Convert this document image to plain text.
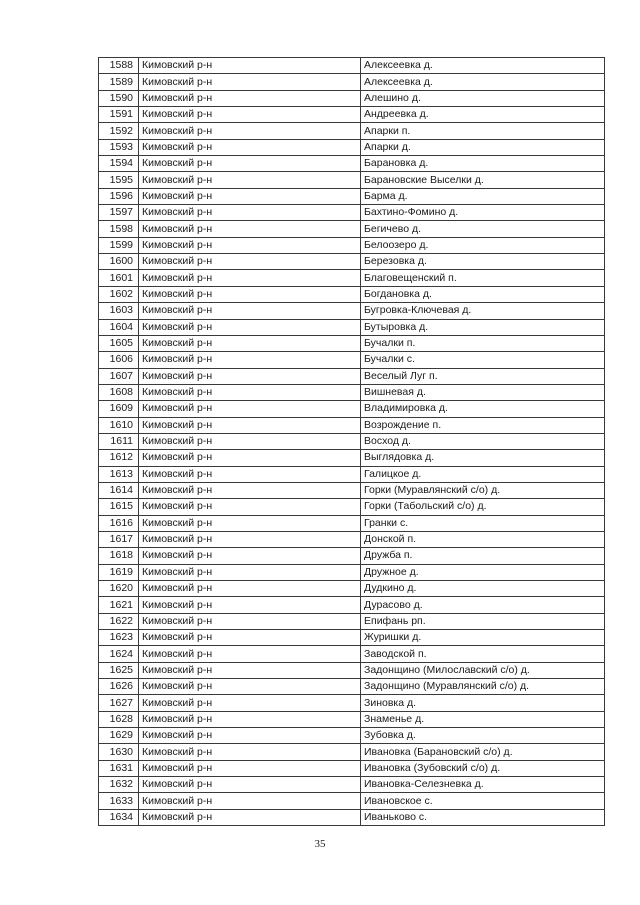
1588	Кимовский р-н	Алексеевка д.
1589	Кимовский р-н	Алексеевка д.
1590	Кимовский р-н	Алешино д.
1591	Кимовский р-н	Андреевка д.
1592	Кимовский р-н	Апарки п.
1593	Кимовский р-н	Апарки д.
1594	Кимовский р-н	Барановка д.
1595	Кимовский р-н	Барановские Выселки д.
1596	Кимовский р-н	Барма д.
1597	Кимовский р-н	Бахтино-Фомино д.
1598	Кимовский р-н	Бегичево д.
1599	Кимовский р-н	Белоозеро д.
1600	Кимовский р-н	Березовка д.
1601	Кимовский р-н	Благовещенский п.
1602	Кимовский р-н	Богдановка д.
1603	Кимовский р-н	Бугровка-Ключевая д.
1604	Кимовский р-н	Бутыровка д.
1605	Кимовский р-н	Бучалки п.
1606	Кимовский р-н	Бучалки с.
1607	Кимовский р-н	Веселый Луг п.
1608	Кимовский р-н	Вишневая д.
1609	Кимовский р-н	Владимировка д.
1610	Кимовский р-н	Возрождение п.
1611	Кимовский р-н	Восход д.
1612	Кимовский р-н	Выглядовка д.
1613	Кимовский р-н	Галицкое д.
1614	Кимовский р-н	Горки (Муравлянский с/о) д.
1615	Кимовский р-н	Горки (Табольский с/о) д.
1616	Кимовский р-н	Гранки с.
1617	Кимовский р-н	Донской п.
1618	Кимовский р-н	Дружба п.
1619	Кимовский р-н	Дружное д.
1620	Кимовский р-н	Дудкино д.
1621	Кимовский р-н	Дурасово д.
1622	Кимовский р-н	Епифань рп.
1623	Кимовский р-н	Журишки д.
1624	Кимовский р-н	Заводской п.
1625	Кимовский р-н	Задонщино (Милославский с/о) д.
1626	Кимовский р-н	Задонщино (Муравлянский с/о) д.
1627	Кимовский р-н	Зиновка д.
1628	Кимовский р-н	Знаменье д.
1629	Кимовский р-н	Зубовка д.
1630	Кимовский р-н	Ивановка (Барановский с/о) д.
1631	Кимовский р-н	Ивановка (Зубовский с/о) д.
1632	Кимовский р-н	Ивановка-Селезневка д.
1633	Кимовский р-н	Ивановское с.
1634	Кимовский р-н	Иваньково с.
35
